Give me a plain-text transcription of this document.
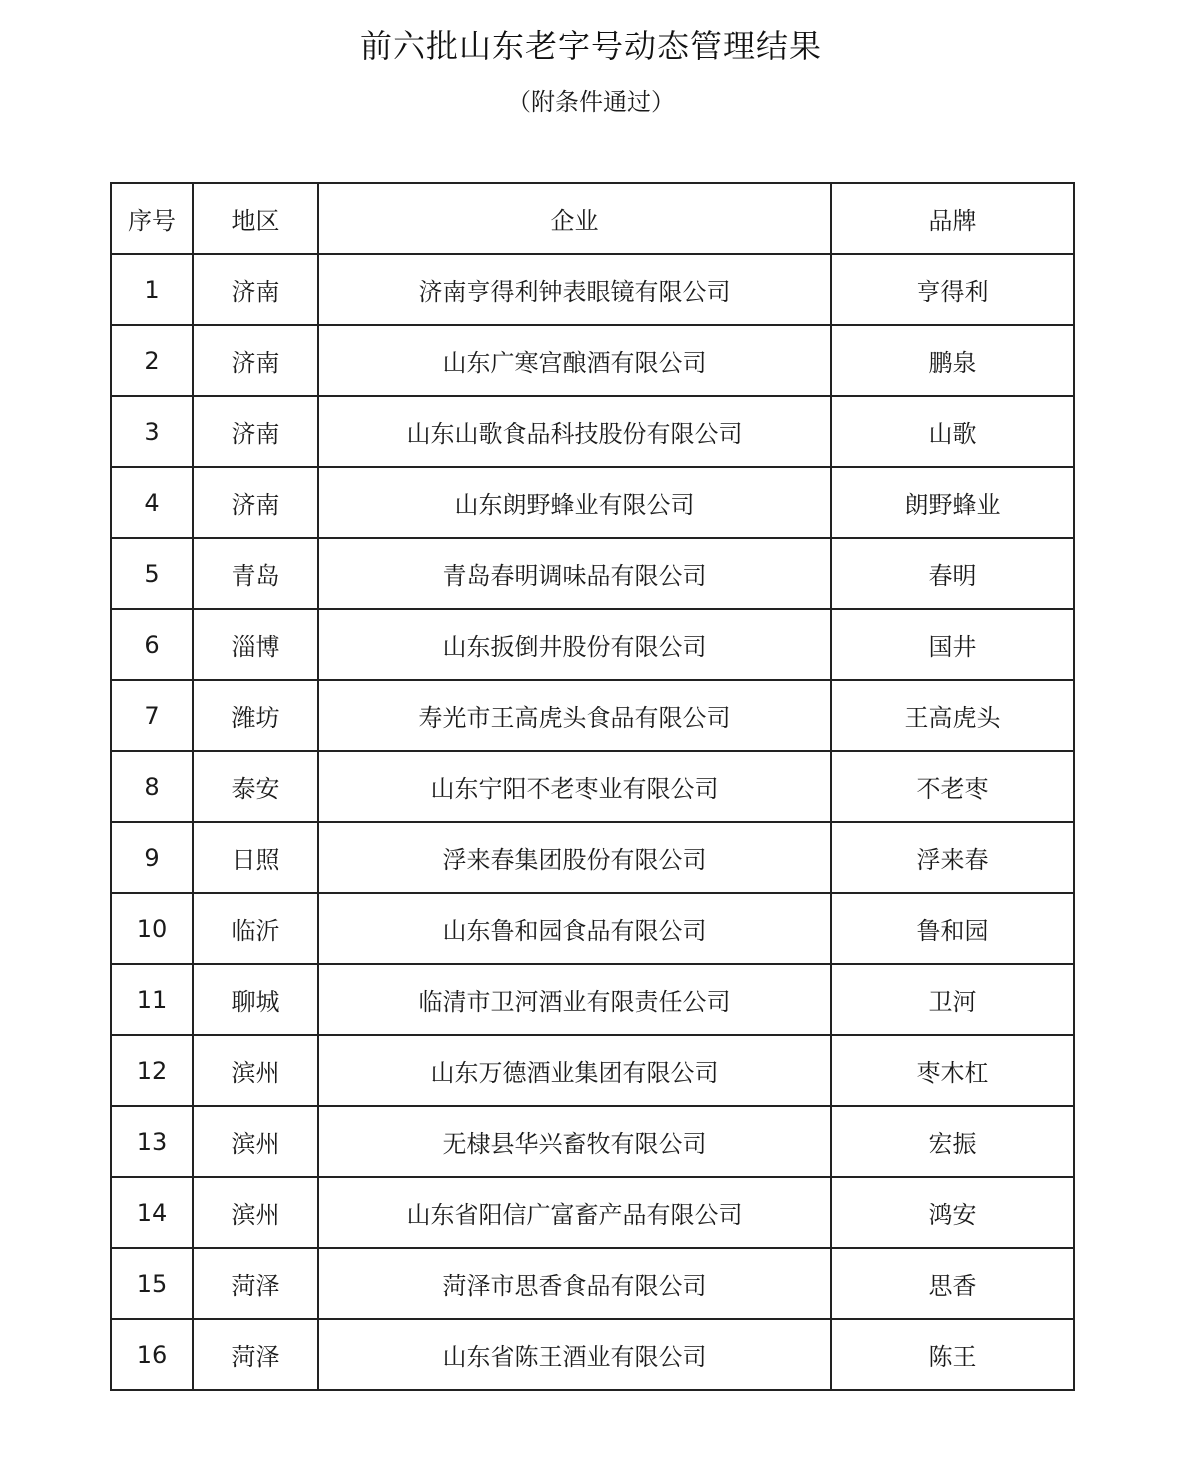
前六批山东老字号动态管理结果
（附条件通过）
序号	地区	企业	品牌
1	济南	济南亨得利钟表眼镜有限公司	亨得利
2	济南	山东广寒宫酿酒有限公司	鹏泉
3	济南	山东山歌食品科技股份有限公司	山歌
4	济南	山东朗野蜂业有限公司	朗野蜂业
5	青岛	青岛春明调味品有限公司	春明
6	淄博	山东扳倒井股份有限公司	国井
7	潍坊	寿光市王高虎头食品有限公司	王高虎头
8	泰安	山东宁阳不老枣业有限公司	不老枣
9	日照	浮来春集团股份有限公司	浮来春
10	临沂	山东鲁和园食品有限公司	鲁和园
11	聊城	临清市卫河酒业有限责任公司	卫河
12	滨州	山东万德酒业集团有限公司	枣木杠
13	滨州	无棣县华兴畜牧有限公司	宏振
14	滨州	山东省阳信广富畜产品有限公司	鸿安
15	菏泽	菏泽市思香食品有限公司	思香
16	菏泽	山东省陈王酒业有限公司	陈王
